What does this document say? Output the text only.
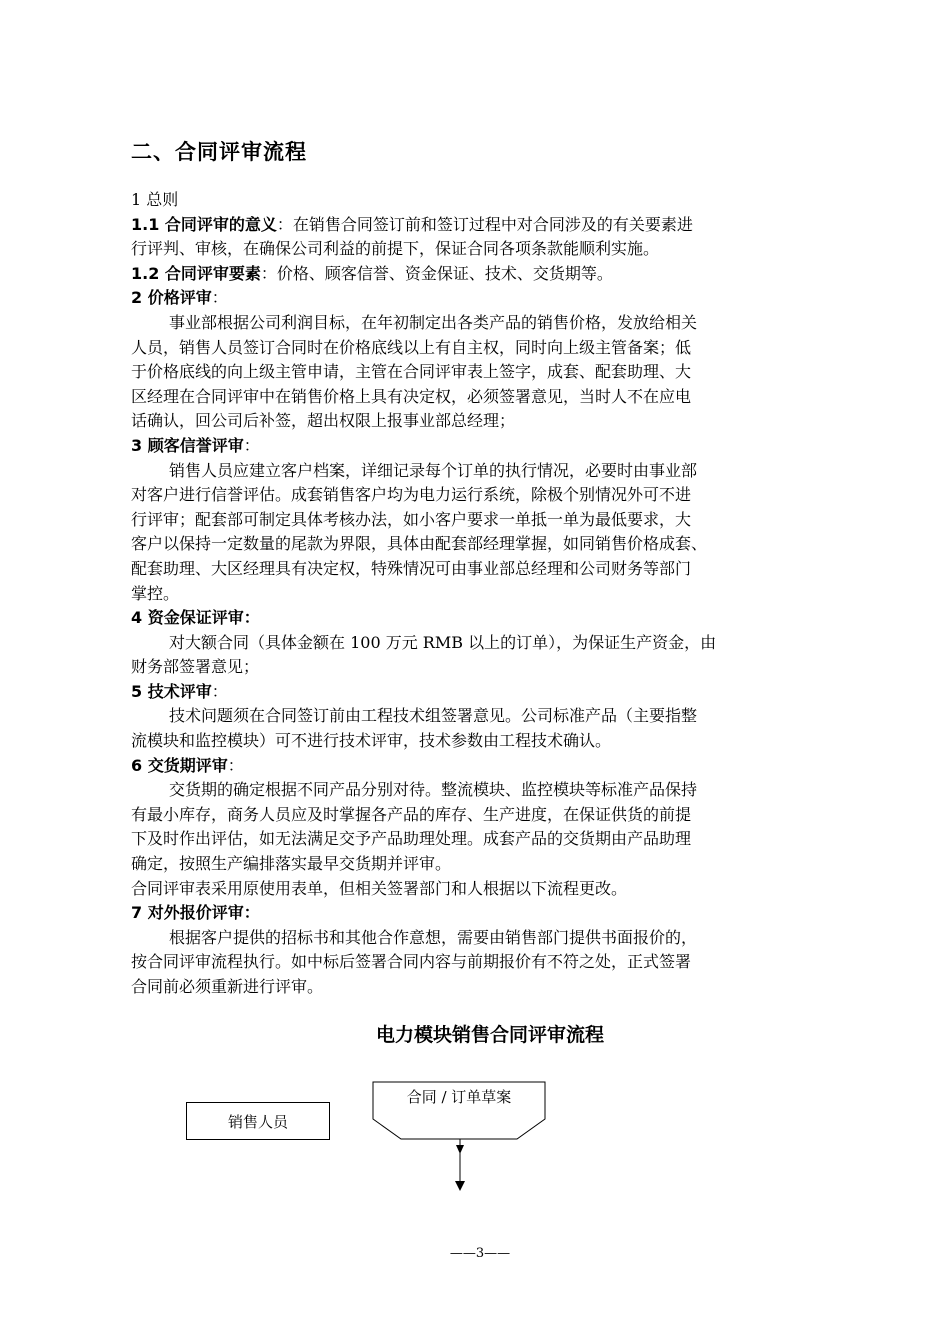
二、合同评审流程
1 总则
1.1 合同评审的意义：在销售合同签订前和签订过程中对合同涉及的有关要素进
行评判、审核，在确保公司利益的前提下，保证合同各项条款能顺利实施。
1.2 合同评审要素：价格、顾客信誉、资金保证、技术、交货期等。
2 价格评审：
事业部根据公司利润目标，在年初制定出各类产品的销售价格，发放给相关
人员，销售人员签订合同时在价格底线以上有自主权，同时向上级主管备案；低
于价格底线的向上级主管申请，主管在合同评审表上签字，成套、配套助理、大
区经理在合同评审中在销售价格上具有决定权，必须签署意见，当时人不在应电
话确认，回公司后补签，超出权限上报事业部总经理；
3 顾客信誉评审：
销售人员应建立客户档案，详细记录每个订单的执行情况，必要时由事业部
对客户进行信誉评估。成套销售客户均为电力运行系统，除极个别情况外可不进
行评审；配套部可制定具体考核办法，如小客户要求一单抵一单为最低要求，大
客户以保持一定数量的尾款为界限，具体由配套部经理掌握，如同销售价格成套、
配套助理、大区经理具有决定权，特殊情况可由事业部总经理和公司财务等部门
掌控。
4 资金保证评审：
对大额合同（具体金额在 100 万元 RMB 以上的订单），为保证生产资金，由
财务部签署意见；
5 技术评审：
技术问题须在合同签订前由工程技术组签署意见。公司标准产品（主要指整
流模块和监控模块）可不进行技术评审，技术参数由工程技术确认。
6 交货期评审：
交货期的确定根据不同产品分别对待。整流模块、监控模块等标准产品保持
有最小库存，商务人员应及时掌握各产品的库存、生产进度，在保证供货的前提
下及时作出评估，如无法满足交予产品助理处理。成套产品的交货期由产品助理
确定，按照生产编排落实最早交货期并评审。
合同评审表采用原使用表单，但相关签署部门和人根据以下流程更改。
7 对外报价评审：
根据客户提供的招标书和其他合作意想，需要由销售部门提供书面报价的，
按合同评审流程执行。如中标后签署合同内容与前期报价有不符之处，正式签署
合同前必须重新进行评审。
电力模块销售合同评审流程
销售人员
合同 / 订单草案
——3——
